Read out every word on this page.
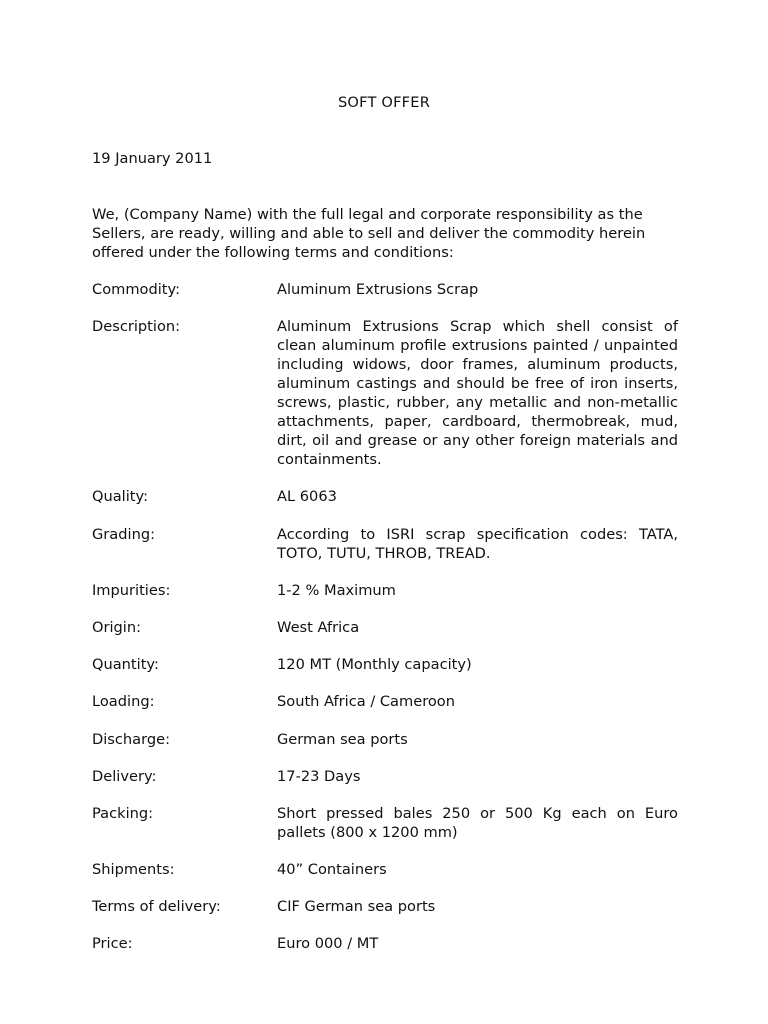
SOFT OFFER
19 January 2011
We, (Company Name) with the full legal and corporate responsibility as the Sellers, are ready, willing and able to sell and deliver the commodity herein offered under the following terms and conditions:
Commodity:	Aluminum Extrusions Scrap
Description:	Aluminum Extrusions Scrap which shell consist of clean aluminum profile extrusions painted / unpainted including widows, door frames, aluminum products, aluminum castings and should be free of iron inserts, screws, plastic, rubber, any metallic and non-metallic attachments, paper, cardboard, thermobreak, mud, dirt, oil and grease or any other foreign materials and containments.
Quality:	AL 6063
Grading:	According to ISRI scrap specification codes: TATA, TOTO, TUTU, THROB, TREAD.
Impurities:	1-2 % Maximum
Origin:	West Africa
Quantity:	120 MT (Monthly capacity)
Loading:	South Africa / Cameroon
Discharge:	German sea ports
Delivery:	17-23 Days
Packing:	Short pressed bales 250 or 500 Kg each on Euro pallets (800 x 1200 mm)
Shipments:	40” Containers
Terms of delivery:	CIF German sea ports
Price:	Euro 000 / MT
